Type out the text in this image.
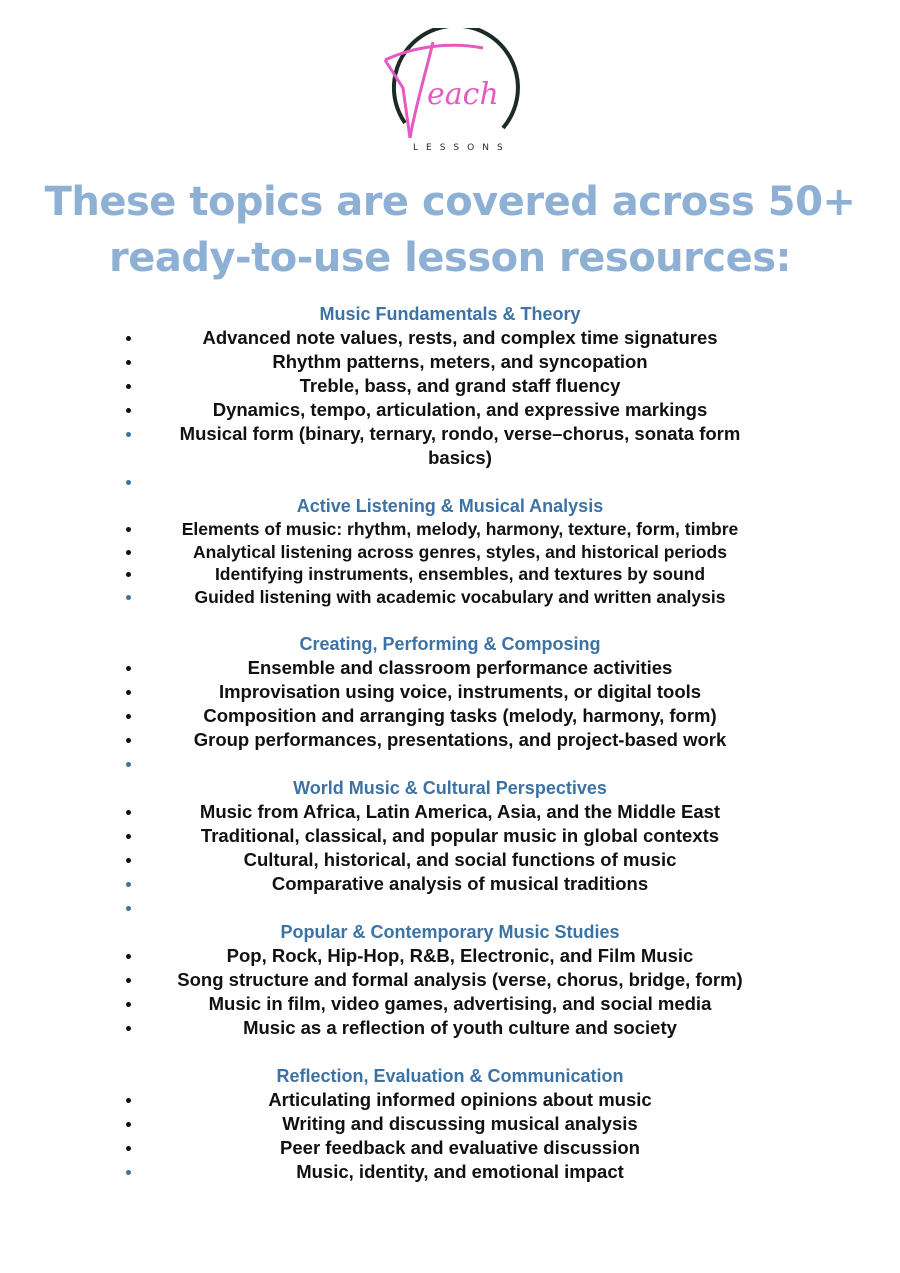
each
LESSONS
These topics are covered across 50+
ready-to-use lesson resources:
Music Fundamentals & Theory
Advanced note values, rests, and complex time signatures
Rhythm patterns, meters, and syncopation
Treble, bass, and grand staff fluency
Dynamics, tempo, articulation, and expressive markings
Musical form (binary, ternary, rondo, verse–chorus, sonata form basics)
Active Listening & Musical Analysis
Elements of music: rhythm, melody, harmony, texture, form, timbre
Analytical listening across genres, styles, and historical periods
Identifying instruments, ensembles, and textures by sound
Guided listening with academic vocabulary and written analysis
Creating, Performing & Composing
Ensemble and classroom performance activities
Improvisation using voice, instruments, or digital tools
Composition and arranging tasks (melody, harmony, form)
Group performances, presentations, and project-based work
World Music & Cultural Perspectives
Music from Africa, Latin America, Asia, and the Middle East
Traditional, classical, and popular music in global contexts
Cultural, historical, and social functions of music
Comparative analysis of musical traditions
Popular & Contemporary Music Studies
Pop, Rock, Hip-Hop, R&B, Electronic, and Film Music
Song structure and formal analysis (verse, chorus, bridge, form)
Music in film, video games, advertising, and social media
Music as a reflection of youth culture and society
Reflection, Evaluation & Communication
Articulating informed opinions about music
Writing and discussing musical analysis
Peer feedback and evaluative discussion
Music, identity, and emotional impact
